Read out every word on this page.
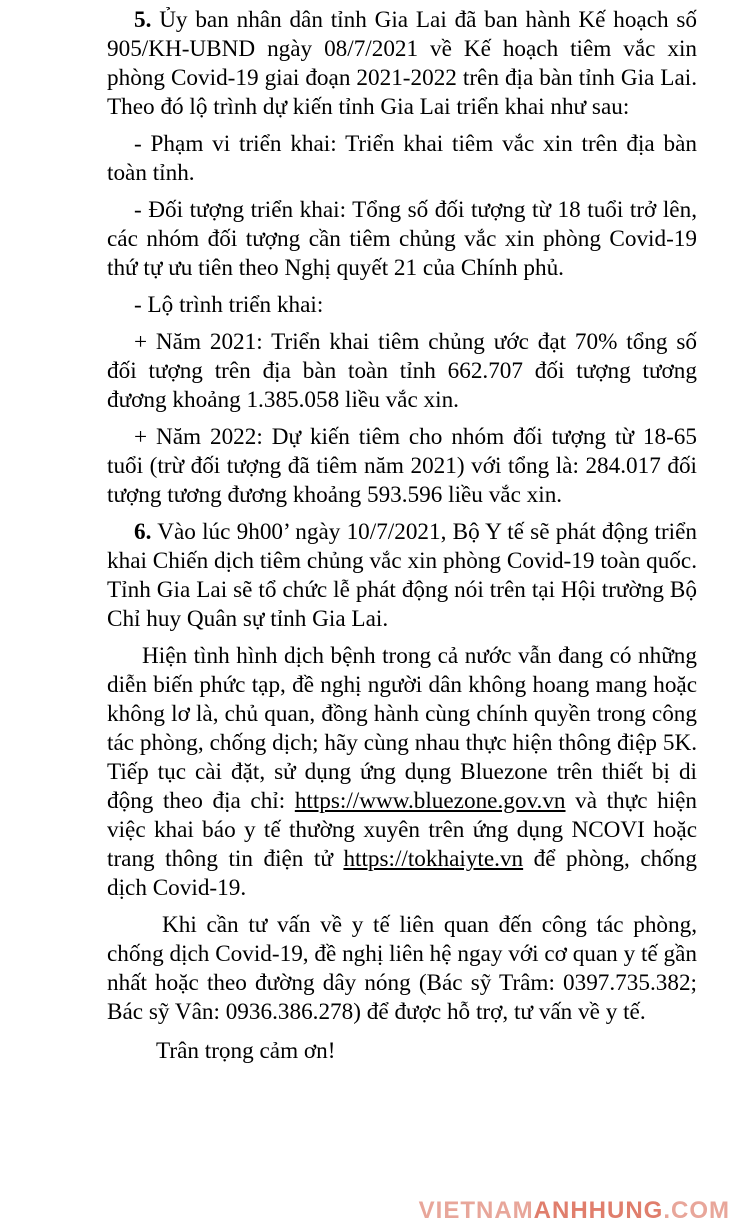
5. Ủy ban nhân dân tỉnh Gia Lai đã ban hành Kế hoạch số 905/KH-UBND ngày 08/7/2021 về Kế hoạch tiêm vắc xin phòng Covid-19 giai đoạn 2021-2022 trên địa bàn tỉnh Gia Lai. Theo đó lộ trình dự kiến tỉnh Gia Lai triển khai như sau:

- Phạm vi triển khai: Triển khai tiêm vắc xin trên địa bàn toàn tỉnh.

- Đối tượng triển khai: Tổng số đối tượng từ 18 tuổi trở lên, các nhóm đối tượng cần tiêm chủng vắc xin phòng Covid-19 thứ tự ưu tiên theo Nghị quyết 21 của Chính phủ.

- Lộ trình triển khai:

+ Năm 2021: Triển khai tiêm chủng ước đạt 70% tổng số đối tượng trên địa bàn toàn tỉnh 662.707 đối tượng tương đương khoảng 1.385.058 liều vắc xin.

+ Năm 2022: Dự kiến tiêm cho nhóm đối tượng từ 18-65 tuổi (trừ đối tượng đã tiêm năm 2021) với tổng là: 284.017 đối tượng tương đương khoảng 593.596 liều vắc xin.

6. Vào lúc 9h00’ ngày 10/7/2021, Bộ Y tế sẽ phát động triển khai Chiến dịch tiêm chủng vắc xin phòng Covid-19 toàn quốc. Tỉnh Gia Lai sẽ tổ chức lễ phát động nói trên tại Hội trường Bộ Chỉ huy Quân sự tỉnh Gia Lai.

Hiện tình hình dịch bệnh trong cả nước vẫn đang có những diễn biến phức tạp, đề nghị người dân không hoang mang hoặc không lơ là, chủ quan, đồng hành cùng chính quyền trong công tác phòng, chống dịch; hãy cùng nhau thực hiện thông điệp 5K. Tiếp tục cài đặt, sử dụng ứng dụng Bluezone trên thiết bị di động theo địa chỉ: https://www.bluezone.gov.vn và thực hiện việc khai báo y tế thường xuyên trên ứng dụng NCOVI hoặc trang thông tin điện tử https://tokhaiyte.vn để phòng, chống dịch Covid-19.

Khi cần tư vấn về y tế liên quan đến công tác phòng, chống dịch Covid-19, đề nghị liên hệ ngay với cơ quan y tế gần nhất hoặc theo đường dây nóng (Bác sỹ Trâm: 0397.735.382; Bác sỹ Vân: 0936.386.278) để được hỗ trợ, tư vấn về y tế.

Trân trọng cảm ơn!

VIETNAMANHHUNG.COM
